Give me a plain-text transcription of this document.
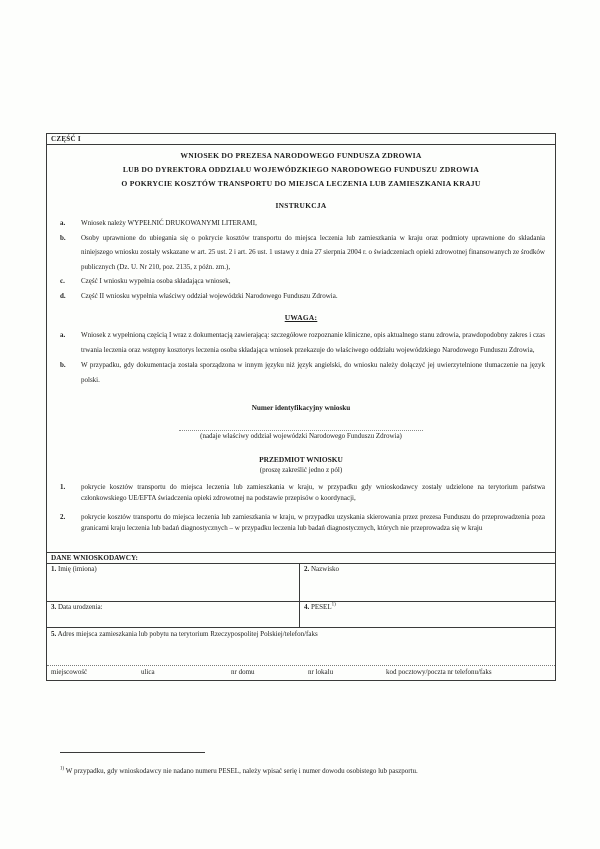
CZĘŚĆ I
WNIOSEK DO PREZESA NARODOWEGO FUNDUSZA ZDROWIA
LUB DO DYREKTORA ODDZIAŁU WOJEWÓDZKIEGO NARODOWEGO FUNDUSZU ZDROWIA
O POKRYCIE KOSZTÓW TRANSPORTU DO MIEJSCA LECZENIA LUB ZAMIESZKANIA KRAJU
INSTRUKCJA
a.	Wniosek należy WYPEŁNIĆ DRUKOWANYMI LITERAMI,
b.	Osoby uprawnione do ubiegania się o pokrycie kosztów transportu do miejsca leczenia lub zamieszkania w kraju oraz podmioty uprawnione do składania niniejszego wniosku zostały wskazane w art. 25 ust. 2 i art. 26 ust. 1 ustawy z dnia 27 sierpnia 2004 r. o świadczeniach opieki zdrowotnej finansowanych ze środków publicznych (Dz. U. Nr 210, poz. 2135, z późn. zm.),
c.	Część I wniosku wypełnia osoba składająca wniosek,
d.	Część II wniosku wypełnia właściwy oddział wojewódzki Narodowego Funduszu Zdrowia.
UWAGA:
a.	Wniosek z wypełnioną częścią I wraz z dokumentacją zawierającą: szczegółowe rozpoznanie kliniczne, opis aktualnego stanu zdrowia, prawdopodobny zakres i czas trwania leczenia oraz wstępny kosztorys leczenia osoba składająca wniosek przekazuje do właściwego oddziału wojewódzkiego Narodowego Funduszu Zdrowia,
b.	W przypadku, gdy dokumentacja została sporządzona w innym języku niż język angielski, do wniosku należy dołączyć jej uwierzytelnione tłumaczenie na język polski.
Numer identyfikacyjny wniosku
(nadaje właściwy oddział wojewódzki Narodowego Funduszu Zdrowia)
PRZEDMIOT WNIOSKU
(proszę zakreślić jedno z pól)
1.	pokrycie kosztów transportu do miejsca leczenia lub zamieszkania w kraju, w przypadku gdy wnioskodawcy zostały udzielone na terytorium państwa członkowskiego UE/EFTA świadczenia opieki zdrowotnej na podstawie przepisów o koordynacji,
2.	pokrycie kosztów transportu do miejsca leczenia lub zamieszkania w kraju, w przypadku uzyskania skierowania przez prezesa Funduszu do przeprowadzenia poza granicami kraju leczenia lub badań diagnostycznych – w przypadku leczenia lub badań diagnostycznych, których nie przeprowadza się w kraju
DANE WNIOSKODAWCY:
1. Imię (imiona)	2. Nazwisko
3. Data urodzenia:	4. PESEL$^{1)}$
5. Adres miejsca zamieszkania lub pobytu na terytorium Rzeczypospolitej Polskiej/telefon/faks
miejscowość	ulica	nr domu	nr lokalu	kod pocztowy/poczta nr telefonu/faks
$^{1)}$ W przypadku, gdy wnioskodawcy nie nadano numeru PESEL, należy wpisać serię i numer dowodu osobistego lub paszportu.
